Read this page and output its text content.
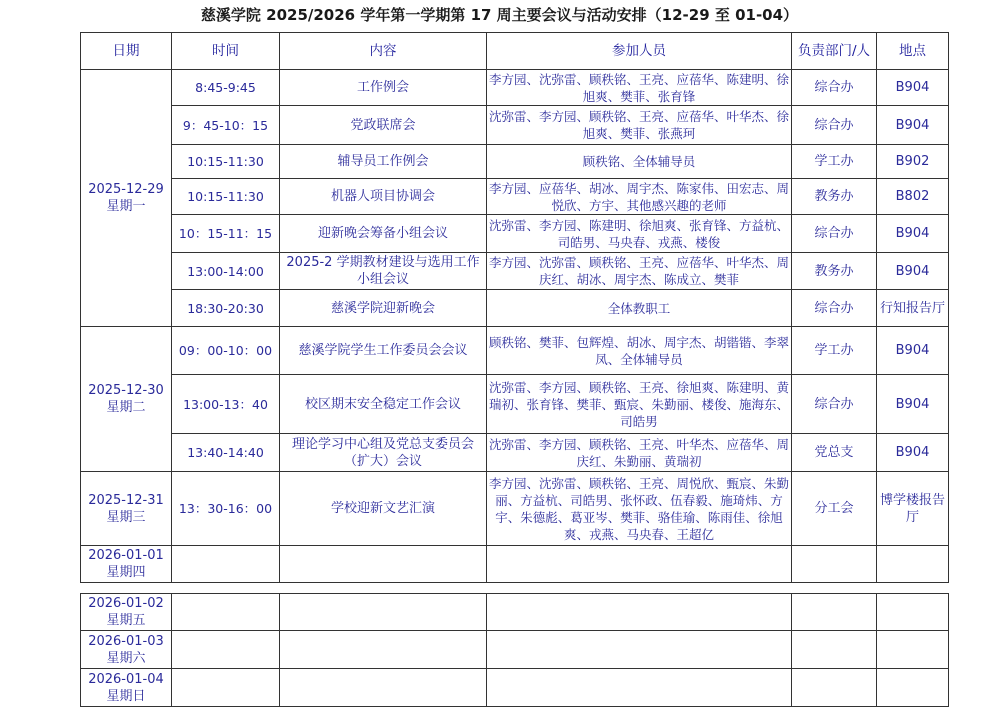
慈溪学院 2025/2026 学年第一学期第 17 周主要会议与活动安排（12-29 至 01-04）
日期	时间	内容	参加人员	负责部门/人	地点

2025-12-29
星期一	8:45-9:45	工作例会	李方园、沈弥雷、顾秩铭、王亮、应蓓华、陈建明、徐旭爽、樊菲、张育锋	综合办	B904
	9：45-10：15	党政联席会	沈弥雷、李方园、顾秩铭、王亮、应蓓华、叶华杰、徐旭爽、樊菲、张燕珂	综合办	B904
	10:15-11:30	辅导员工作例会	顾秩铭、全体辅导员	学工办	B902
	10:15-11:30	机器人项目协调会	李方园、应蓓华、胡冰、周宇杰、陈家伟、田宏志、周悦欣、方宇、其他感兴趣的老师	教务办	B802
	10：15-11：15	迎新晚会筹备小组会议	沈弥雷、李方园、陈建明、徐旭爽、张育锋、方益杭、司皓男、马央春、戎燕、楼俊	综合办	B904
	13:00-14:00	2025-2 学期教材建设与选用工作小组会议	李方园、沈弥雷、顾秩铭、王亮、应蓓华、叶华杰、周庆红、胡冰、周宇杰、陈成立、樊菲	教务办	B904
	18:30-20:30	慈溪学院迎新晚会	全体教职工	综合办	行知报告厅

2025-12-30
星期二	09：00-10：00	慈溪学院学生工作委员会会议	顾秩铭、樊菲、包辉煌、胡冰、周宇杰、胡锴锴、李翠凤、全体辅导员	学工办	B904
	13:00-13：40	校区期末安全稳定工作会议	沈弥雷、李方园、顾秩铭、王亮、徐旭爽、陈建明、黄瑞初、张育锋、樊菲、甄宸、朱勤丽、楼俊、施海东、司皓男	综合办	B904
	13:40-14:40	理论学习中心组及党总支委员会（扩大）会议	沈弥雷、李方园、顾秩铭、王亮、叶华杰、应蓓华、周庆红、朱勤丽、黄瑞初	党总支	B904

2025-12-31
星期三	13：30-16：00	学校迎新文艺汇演	李方园、沈弥雷、顾秩铭、王亮、周悦欣、甄宸、朱勤丽、方益杭、司皓男、张怀政、伍春毅、施琦炜、方宇、朱德彪、葛亚岑、樊菲、骆佳瑜、陈雨佳、徐旭爽、戎燕、马央春、王超亿	分工会	博学楼报告厅

2026-01-01
星期四					

2026-01-02
星期五					

2026-01-03
星期六					

2026-01-04
星期日					
